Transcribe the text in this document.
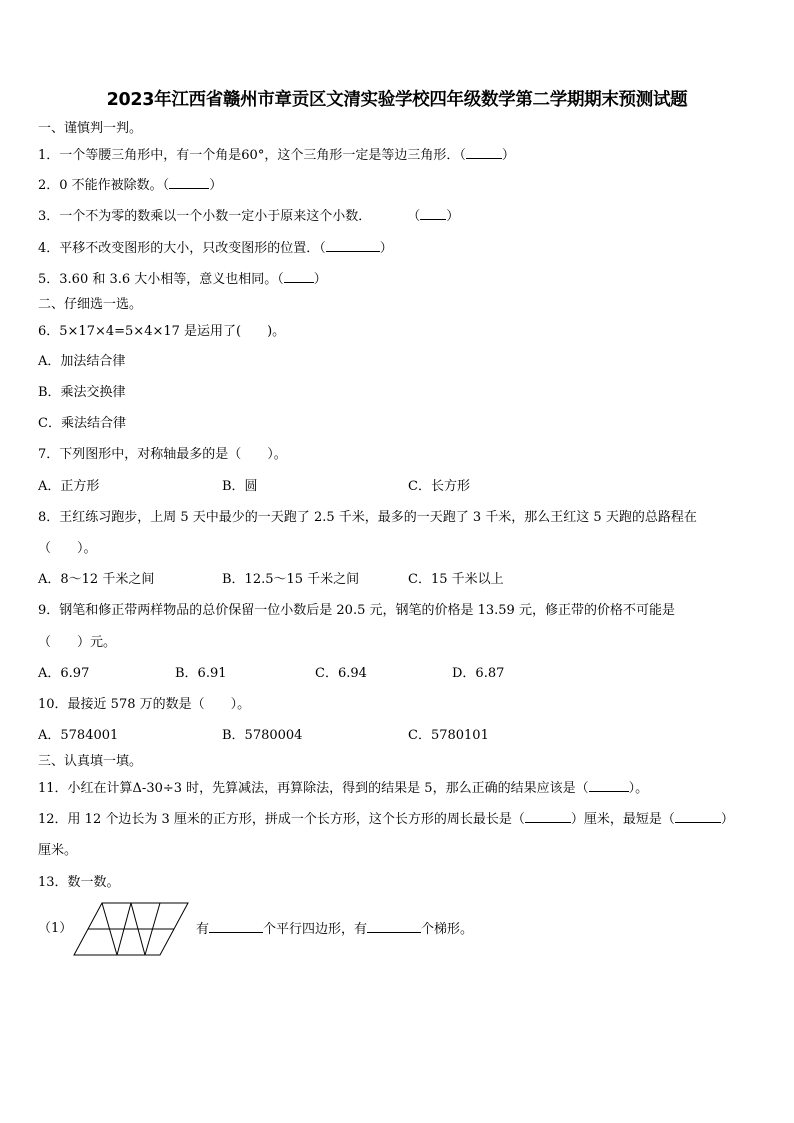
2023年江西省赣州市章贡区文清实验学校四年级数学第二学期期末预测试题
一、谨慎判一判。
1．一个等腰三角形中，有一个角是60°，这个三角形一定是等边三角形．（	）
2．0 不能作被除数。（	）
3．一个不为零的数乘以一个小数一定小于原来这个小数．	（ ）
4．平移不改变图形的大小，只改变图形的位置．（	）
5．3.60 和 3.6 大小相等，意义也相同。（ ）
二、仔细选一选。
6．5×17×4=5×4×17 是运用了(　　)。
A．加法结合律
B．乘法交换律
C．乘法结合律
7．下列图形中，对称轴最多的是（　　）。
A．正方形	B．圆	C．长方形
8．王红练习跑步，上周 5 天中最少的一天跑了 2.5 千米，最多的一天跑了 3 千米，那么王红这 5 天跑的总路程在
（　　）。
A．8～12 千米之间	B．12.5～15 千米之间	C．15 千米以上
9．钢笔和修正带两样物品的总价保留一位小数后是 20.5 元，钢笔的价格是 13.59 元，修正带的价格不可能是
（　　）元。
A．6.97	B．6.91	C．6.94	D．6.87
10．最接近 578 万的数是（　　）。
A．5784001	B．5780004	C．5780101
三、认真填一填。
11．小红在计算Δ-30÷3 时，先算减法，再算除法，得到的结果是 5，那么正确的结果应该是（	）。
12．用 12 个边长为 3 厘米的正方形，拼成一个长方形，这个长方形的周长最长是（	）厘米，最短是（	）
厘米。
13．数一数。
（1）	有	个平行四边形，有	个梯形。
